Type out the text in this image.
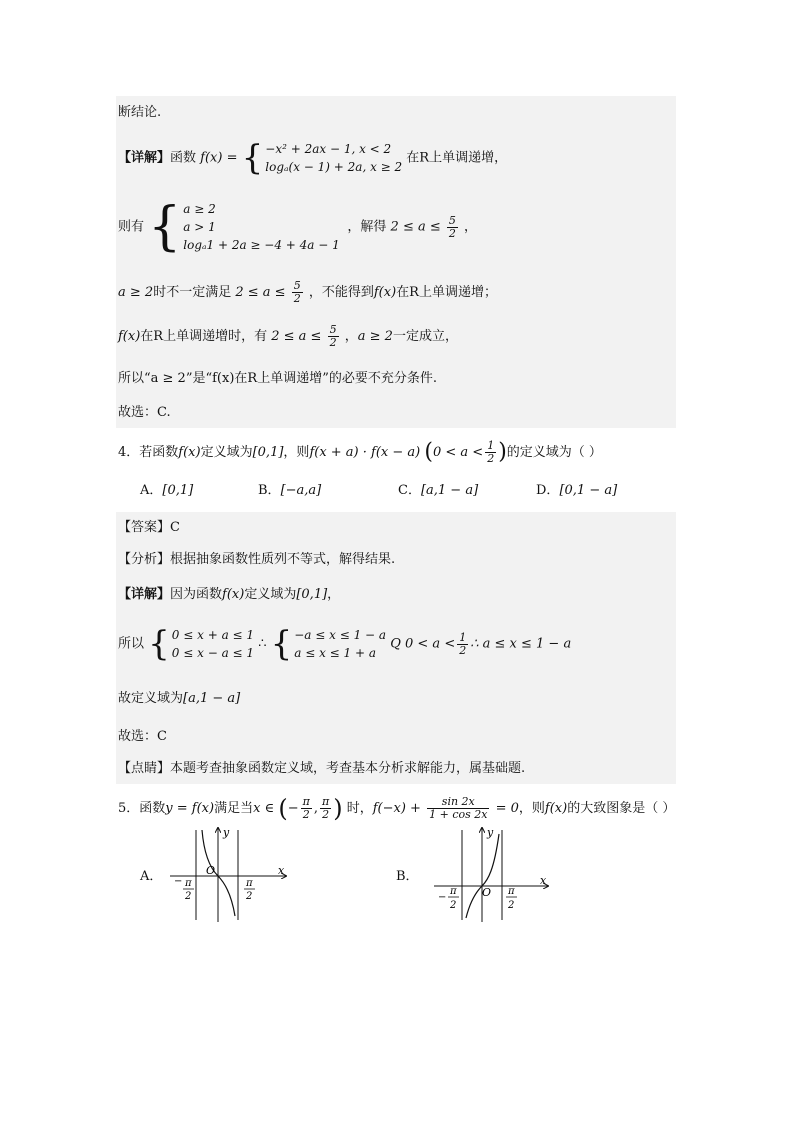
断结论.
【详解】函数 f(x) = { −x² + 2ax − 1, x < 2
logₐ(x − 1) + 2a, x ≥ 2 在R上单调递增，
则有 { a ≥ 2
a > 1
logₐ1 + 2a ≥ −4 + 4a − 1 ，解得 $2 \le a \le \frac{5}{2}$ ，
a ≥ 2时不一定满足 $2 \le a \le \frac{5}{2}$ ，不能得到f(x)在R上单调递增；
f(x)在R上单调递增时，有 $2 \le a \le \frac{5}{2}$ ，a ≥ 2一定成立，
所以“a ≥ 2”是“f(x)在R上单调递增”的必要不充分条件.
故选：C.
4．若函数f(x)定义域为[0,1]，则f(x + a) · f(x − a) ($0 < a < \frac{1}{2}$ )的定义域为（ ）
A．[0,1]	B．[−a,a]	C．[a,1 − a]	D．[0,1 − a]
【答案】C
【分析】根据抽象函数性质列不等式，解得结果.
【详解】因为函数f(x)定义域为[0,1]，
所以 { 0 ≤ x + a ≤ 1
0 ≤ x − a ≤ 1 ∴ { −a ≤ x ≤ 1 − a
a ≤ x ≤ 1 + a Q $0 < a < \frac{1}{2}$ ∴ a ≤ x ≤ 1 − a
故定义域为[a,1 − a]
故选：C
【点睛】本题考查抽象函数定义域，考查基本分析求解能力，属基础题.
5．函数y = f(x)满足当x ∈ (− $\frac{\pi}{2}$ , $\frac{\pi}{2}$ ) 时，$f(-x) + \frac{\sin 2x}{1 + \cos 2x} = 0$，则f(x)的大致图象是（ ）
A．	B．
y
x
O
− π
2
π
2
y
x
O
−
π
2
π
2
